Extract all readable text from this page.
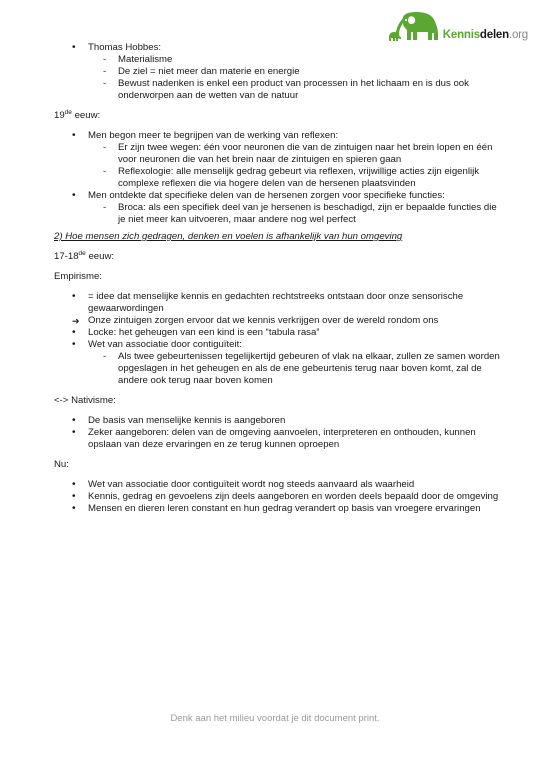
Kennisdelen.org
• Thomas Hobbes:
- Materialisme
- De ziel = niet meer dan materie en energie
- Bewust nadenken is enkel een product van processen in het lichaam en is dus ook onderworpen aan de wetten van de natuur

19de eeuw:

• Men begon meer te begrijpen van de werking van reflexen:
- Er zijn twee wegen: één voor neuronen die van de zintuigen naar het brein lopen en één voor neuronen die van het brein naar de zintuigen en spieren gaan
- Reflexologie: alle menselijk gedrag gebeurt via reflexen, vrijwillige acties zijn eigenlijk complexe reflexen die via hogere delen van de hersenen plaatsvinden
• Men ontdekte dat specifieke delen van de hersenen zorgen voor specifieke functies:
- Broca: als een specifiek deel van je hersenen is beschadigd, zijn er bepaalde functies die je niet meer kan uitvoeren, maar andere nog wel perfect

2) Hoe mensen zich gedragen, denken en voelen is afhankelijk van hun omgeving

17-18de eeuw:

Empirisme:

• = idee dat menselijke kennis en gedachten rechtstreeks ontstaan door onze sensorische gewaarwordingen
➔ Onze zintuigen zorgen ervoor dat we kennis verkrijgen over de wereld rondom ons
• Locke: het geheugen van een kind is een “tabula rasa”
• Wet van associatie door contiguïteit:
- Als twee gebeurtenissen tegelijkertijd gebeuren of vlak na elkaar, zullen ze samen worden opgeslagen in het geheugen en als de ene gebeurtenis terug naar boven komt, zal de andere ook terug naar boven komen

<-> Nativisme:

• De basis van menselijke kennis is aangeboren
• Zeker aangeboren: delen van de omgeving aanvoelen, interpreteren en onthouden, kunnen opslaan van deze ervaringen en ze terug kunnen oproepen

Nu:

• Wet van associatie door contiguïteit wordt nog steeds aanvaard als waarheid
• Kennis, gedrag en gevoelens zijn deels aangeboren en worden deels bepaald door de omgeving
• Mensen en dieren leren constant en hun gedrag verandert op basis van vroegere ervaringen
Denk aan het milieu voordat je dit document print.
